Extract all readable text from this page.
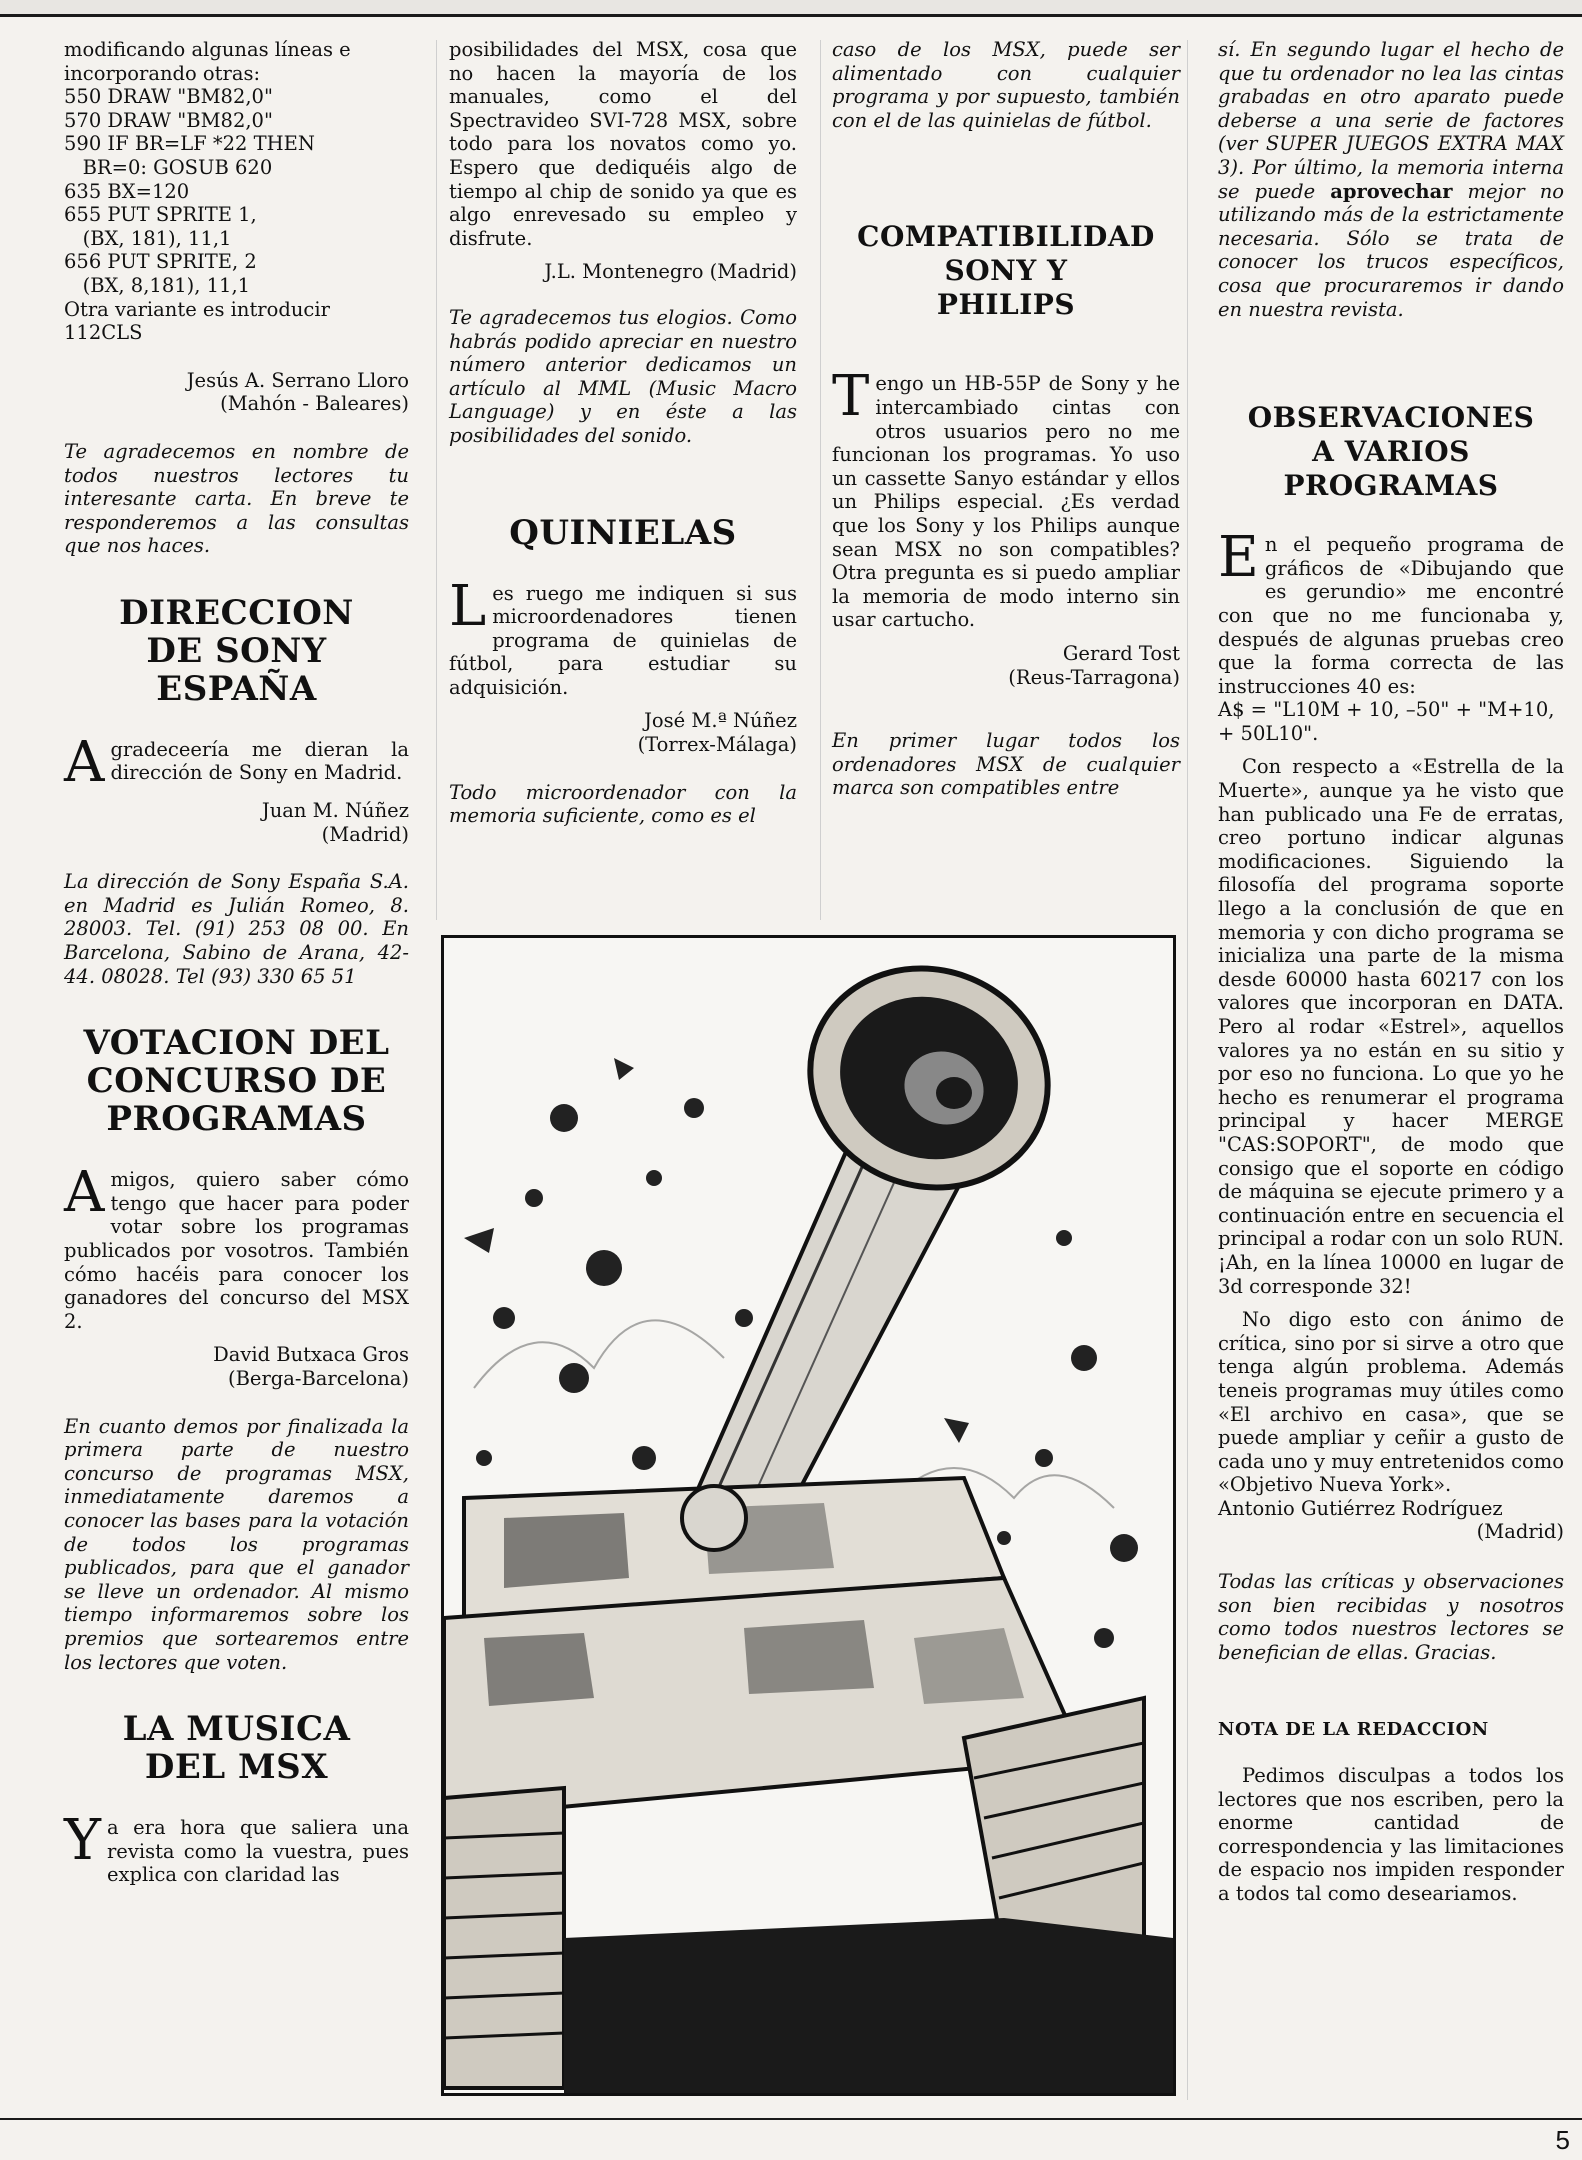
modificando algunas líneas e incorporando otras:

550 DRAW "BM82,0"

570 DRAW "BM82,0"

590 IF BR=LF *22 THEN

BR=0: GOSUB 620

635 BX=120

655 PUT SPRITE 1,

(BX, 181), 11,1

656 PUT SPRITE, 2

(BX, 8,181), 11,1

Otra variante es introducir 112CLS

Jesús A. Serrano Lloro

(Mahón - Baleares)

Te agradecemos en nombre de todos nuestros lectores tu interesante carta. En breve te responderemos a las consultas que nos haces.

DIRECCION
DE SONY
ESPAÑA

Agradecеería me dieran la dirección de Sony en Madrid.

Juan M. Núñez

(Madrid)

La dirección de Sony España S.A. en Madrid es Julián Romeo, 8. 28003. Tel. (91) 253 08 00. En Barcelona, Sabino de Arana, 42-44. 08028. Tel (93) 330 65 51

VOTACION DEL
CONCURSO DE
PROGRAMAS

Amigos, quiero saber cómo tengo que hacer para poder votar sobre los programas publicados por vosotros. También cómo hacéis para conocer los ganadores del concurso del MSX 2.

David Butxaca Gros

(Berga-Barcelona)

En cuanto demos por finalizada la primera parte de nuestro concurso de programas MSX, inmediatamente daremos a conocer las bases para la votación de todos los programas publicados, para que el ganador se lleve un ordenador. Al mismo tiempo informaremos sobre los premios que sortearemos entre los lectores que voten.

LA MUSICA
DEL MSX

Ya era hora que saliera una revista como la vuestra, pues explica con claridad las

posibilidades del MSX, cosa que no hacen la mayoría de los manuales, como el del Spectravideo SVI-728 MSX, sobre todo para los novatos como yo. Espero que dediquéis algo de tiempo al chip de sonido ya que es algo enrevesado su empleo y disfrute.

J.L. Montenegro (Madrid)

Te agradecemos tus elogios. Como habrás podido apreciar en nuestro número anterior dedicamos un artículo al MML (Music Macro Language) y en éste a las posibilidades del sonido.

QUINIELAS

Les ruego me indiquen si sus microordenadores tienen programa de quinielas de fútbol, para estudiar su adquisición.

José M.ª Núñez

(Torrex-Málaga)

Todo microordenador con la memoria suficiente, como es el

caso de los MSX, puede ser alimentado con cualquier programa y por supuesto, también con el de las quinielas de fútbol.

COMPATIBILIDAD
SONY Y
PHILIPS

Tengo un HB-55P de Sony y he intercambiado cintas con otros usuarios pero no me funcionan los programas. Yo uso un cassette Sanyo estándar y ellos un Philips especial. ¿Es verdad que los Sony y los Philips aunque sean MSX no son compatibles? Otra pregunta es si puedo ampliar la memoria de modo interno sin usar cartucho.

Gerard Tost

(Reus-Tarragona)

En primer lugar todos los ordenadores MSX de cualquier marca son compatibles entre

sí. En segundo lugar el hecho de que tu ordenador no lea las cintas grabadas en otro aparato puede deberse a una serie de factores (ver SUPER JUEGOS EXTRA MAX 3). Por último, la memoria interna se puede aprovechar mejor no utilizando más de la estrictamente necesaria. Sólo se trata de conocer los trucos específicos, cosa que procuraremos ir dando en nuestra revista.

OBSERVACIONES
A VARIOS
PROGRAMAS

En el pequeño programa de gráficos de «Dibujando que es gerundio» me encontré con que no me funcionaba y, después de algunas pruebas creo que la forma correcta de las instrucciones 40 es:

A$ = "L10M + 10, –50" + "M+10, + 50L10".

Con respecto a «Estrella de la Muerte», aunque ya he visto que han publicado una Fe de erratas, creo portuno indicar algunas modificaciones. Siguiendo la filosofía del programa soporte llego a la conclusión de que en memoria y con dicho programa se inicializa una parte de la misma desde 60000 hasta 60217 con los valores que incorporan en DATA. Pero al rodar «Estrel», aquellos valores ya no están en su sitio y por eso no funciona. Lo que yo he hecho es renumerar el programa principal y hacer MERGE "CAS:SOPORT", de modo que consigo que el soporte en código de máquina se ejecute primero y a continuación entre en secuencia el principal a rodar con un solo RUN. ¡Ah, en la línea 10000 en lugar de 3d corresponde 32!

No digo esto con ánimo de crítica, sino por si sirve a otro que tenga algún problema. Además teneis programas muy útiles como «El archivo en casa», que se puede ampliar y ceñir a gusto de cada uno y muy entretenidos como «Objetivo Nueva York».

Antonio Gutiérrez Rodríguez

(Madrid)

Todas las críticas y observaciones son bien recibidas y nosotros como todos nuestros lectores se benefician de ellas. Gracias.

NOTA DE LA REDACCION

Pedimos disculpas a todos los lectores que nos escriben, pero la enorme cantidad de correspondencia y las limitaciones de espacio nos impiden responder a todos tal como deseariamos.

5
